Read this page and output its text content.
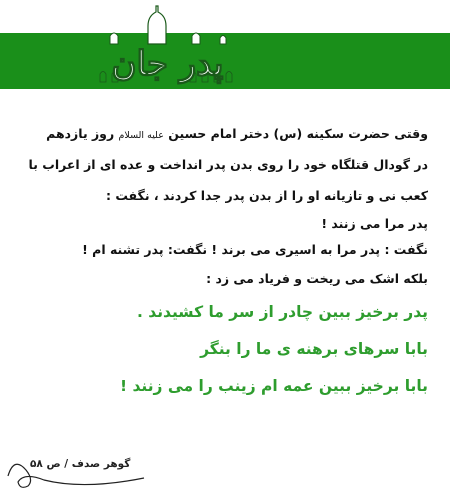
پدر جان
وقتی حضرت سکینه (س) دختر امام حسین علیه السلام روز یازدهم
در گودال قتلگاه خود را روی بدن پدر انداخت و عده ای از اعراب با
کعب نی و تازیانه او را از بدن پدر جدا کردند ، نگفت :
پدر مرا می زنند !
نگفت : پدر مرا به اسیری می برند ! نگفت: پدر تشنه ام !
بلکه اشک می ریخت و فریاد می زد :
پدر برخیز ببین چادر از سر ما کشیدند .
بابا سرهای برهنه ی ما را بنگر
بابا برخیز ببین عمه ام زینب را می زنند !
گوهر صدف / ص ۵۸
